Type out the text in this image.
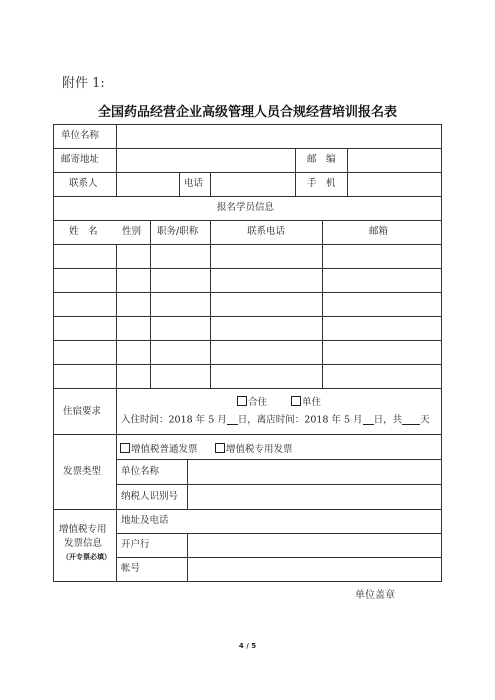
附件 1:
全国药品经营企业高级管理人员合规经营培训报名表
单位名称
邮寄地址	邮　编
联系人	电话	手　机
报名学员信息
姓　名	性别 职务/职称	联系电话	邮箱
住宿要求
合住	单住
入住时间：2018 年 5 月 日，离店时间：2018 年 5 月 日，共 天
发票类型
增值税普通发票	增值税专用发票
单位名称
纳税人识别号
增值税专用
发票信息
（开专票必填）
地址及电话
开户行
帐号
单位盖章
4 / 5
